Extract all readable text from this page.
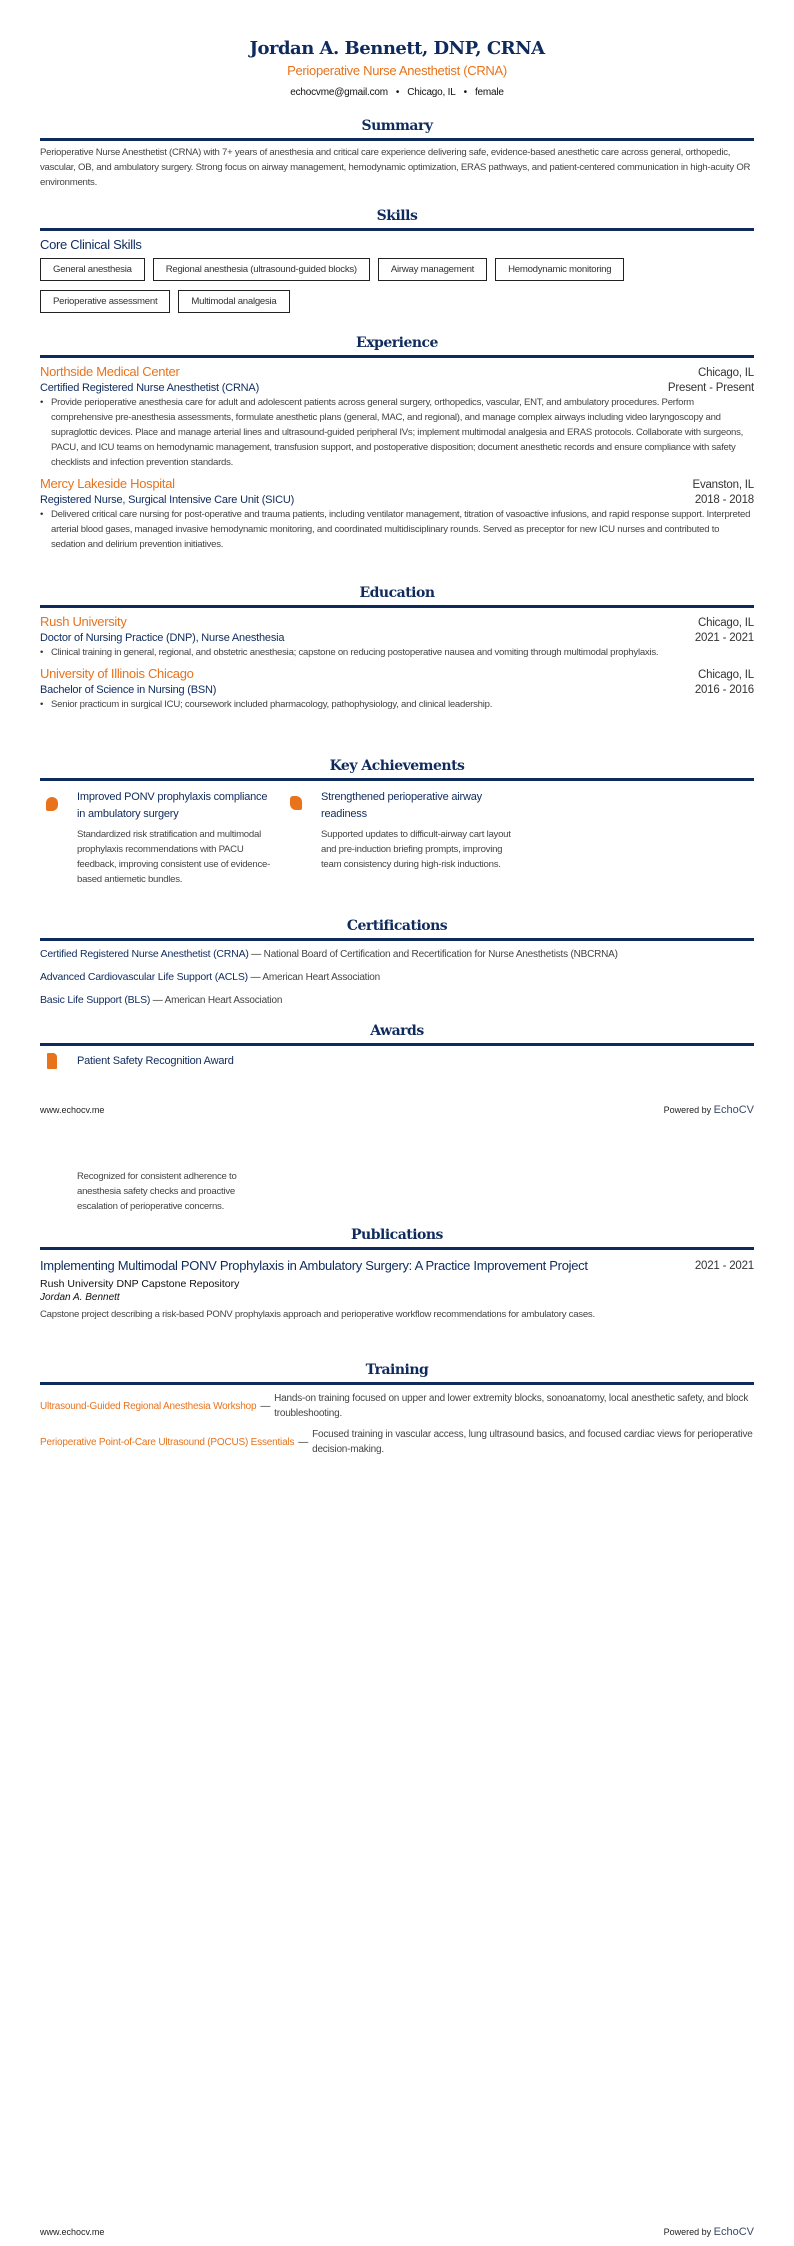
Jordan A. Bennett, DNP, CRNA
Perioperative Nurse Anesthetist (CRNA)
echocvme@gmail.com • Chicago, IL • female
Summary
Perioperative Nurse Anesthetist (CRNA) with 7+ years of anesthesia and critical care experience delivering safe, evidence-based anesthetic care across general, orthopedic, vascular, OB, and ambulatory surgery. Strong focus on airway management, hemodynamic optimization, ERAS pathways, and patient-centered communication in high-acuity OR environments.
Skills
Core Clinical Skills
General anesthesia	Regional anesthesia (ultrasound-guided blocks)	Airway management	Hemodynamic monitoring
Perioperative assessment	Multimodal analgesia
Experience
Northside Medical Center	Chicago, IL
Certified Registered Nurse Anesthetist (CRNA)	Present - Present
• Provide perioperative anesthesia care for adult and adolescent patients across general surgery, orthopedics, vascular, ENT, and ambulatory procedures. Perform comprehensive pre-anesthesia assessments, formulate anesthetic plans (general, MAC, and regional), and manage complex airways including video laryngoscopy and supraglottic devices. Place and manage arterial lines and ultrasound-guided peripheral IVs; implement multimodal analgesia and ERAS protocols. Collaborate with surgeons, PACU, and ICU teams on hemodynamic management, transfusion support, and postoperative disposition; document anesthetic records and ensure compliance with safety checklists and infection prevention standards.
Mercy Lakeside Hospital	Evanston, IL
Registered Nurse, Surgical Intensive Care Unit (SICU)	2018 - 2018
• Delivered critical care nursing for post-operative and trauma patients, including ventilator management, titration of vasoactive infusions, and rapid response support. Interpreted arterial blood gases, managed invasive hemodynamic monitoring, and coordinated multidisciplinary rounds. Served as preceptor for new ICU nurses and contributed to sedation and delirium prevention initiatives.
Education
Rush University	Chicago, IL
Doctor of Nursing Practice (DNP), Nurse Anesthesia	2021 - 2021
• Clinical training in general, regional, and obstetric anesthesia; capstone on reducing postoperative nausea and vomiting through multimodal prophylaxis.
University of Illinois Chicago	Chicago, IL
Bachelor of Science in Nursing (BSN)	2016 - 2016
• Senior practicum in surgical ICU; coursework included pharmacology, pathophysiology, and clinical leadership.
Key Achievements
Improved PONV prophylaxis compliance in ambulatory surgery
Standardized risk stratification and multimodal prophylaxis recommendations with PACU feedback, improving consistent use of evidence-based antiemetic bundles.
Strengthened perioperative airway readiness
Supported updates to difficult-airway cart layout and pre-induction briefing prompts, improving team consistency during high-risk inductions.
Certifications
Certified Registered Nurse Anesthetist (CRNA) — National Board of Certification and Recertification for Nurse Anesthetists (NBCRNA)
Advanced Cardiovascular Life Support (ACLS) — American Heart Association
Basic Life Support (BLS) — American Heart Association
Awards
Patient Safety Recognition Award
www.echocv.me	Powered by EchoCV
Recognized for consistent adherence to anesthesia safety checks and proactive escalation of perioperative concerns.
Publications
Implementing Multimodal PONV Prophylaxis in Ambulatory Surgery: A Practice Improvement Project	2021 - 2021
Rush University DNP Capstone Repository
Jordan A. Bennett
Capstone project describing a risk-based PONV prophylaxis approach and perioperative workflow recommendations for ambulatory cases.
Training
Ultrasound-Guided Regional Anesthesia Workshop —
Hands-on training focused on upper and lower extremity blocks, sonoanatomy, local anesthetic safety, and block troubleshooting.
Perioperative Point-of-Care Ultrasound (POCUS) Essentials —
Focused training in vascular access, lung ultrasound basics, and focused cardiac views for perioperative decision-making.
www.echocv.me	Powered by EchoCV
